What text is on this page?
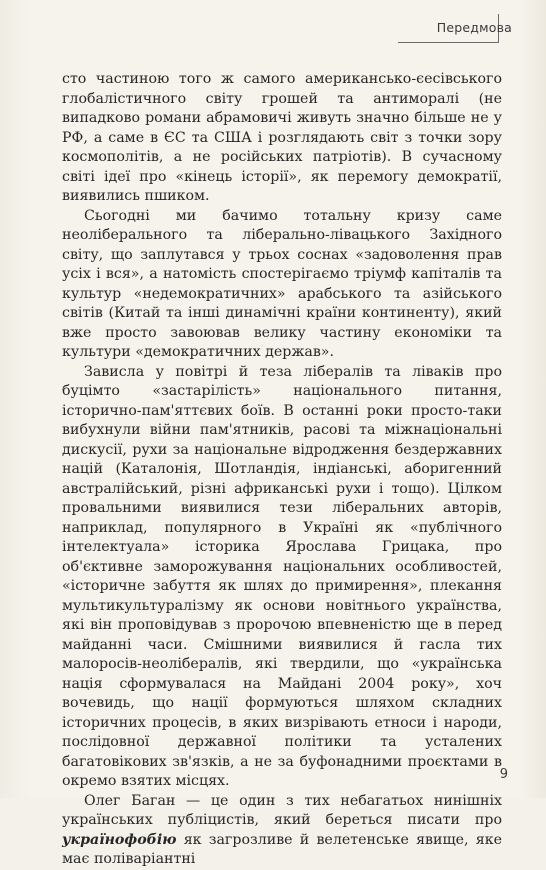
Передмова

сто частиною того ж самого американсько-єесівського глобалістичного світу грошей та антиморалі (не випадково романи абрамовичі живуть значно більше не у РФ, а саме в ЄС та США і розглядають світ з точки зору космополітів, а не російських патріотів). В сучасному світі ідеї про «кінець історії», як перемогу демократії, виявились пшиком.

Сьогодні ми бачимо тотальну кризу саме неоліберального та ліберально-лівацького Західного світу, що заплутався у трьох соснах «задоволення прав усіх і вся», а натомість спостерігаємо тріумф капіталів та культур «недемократичних» арабського та азійського світів (Китай та інші динамічні країни континенту), який вже просто завоював велику частину економіки та культури «демократичних держав».

Зависла у повітрі й теза лібералів та ліваків про буцімто «застарілість» національного питання, історично-пам'яттєвих боїв. В останні роки просто-таки вибухнули війни пам'ятників, расові та міжнаціональні дискусії, рухи за національне відродження бездержавних націй (Каталонія, Шотландія, індіанські, аборигенний австралійський, різні африканські рухи і тощо). Цілком провальними виявилися тези ліберальних авторів, наприклад, популярного в Україні як «публічного інтелектуала» історика Ярослава Грицака, про об'єктивне заморожування національних особливостей, «історичне забуття як шлях до примирення», плекання мультикультуралізму як основи новітнього українства, які він проповідував з пророчою впевненістю ще в перед майданні часи. Смішними виявилися й гасла тих малоросів-неолібералів, які твердили, що «українська нація сформувалася на Майдані 2004 року», хоч вочевидь, що нації формуються шляхом складних історичних процесів, в яких визрівають етноси і народи, послідовної державної політики та усталених багатовікових зв'язків, а не за буфонадними проєктами в окремо взятих місцях.

Олег Баган — це один з тих небагатьох нинішніх українських публіцистів, який береться писати про українофобію як загрозливе й велетенське явище, яке має поліваріантні

9
